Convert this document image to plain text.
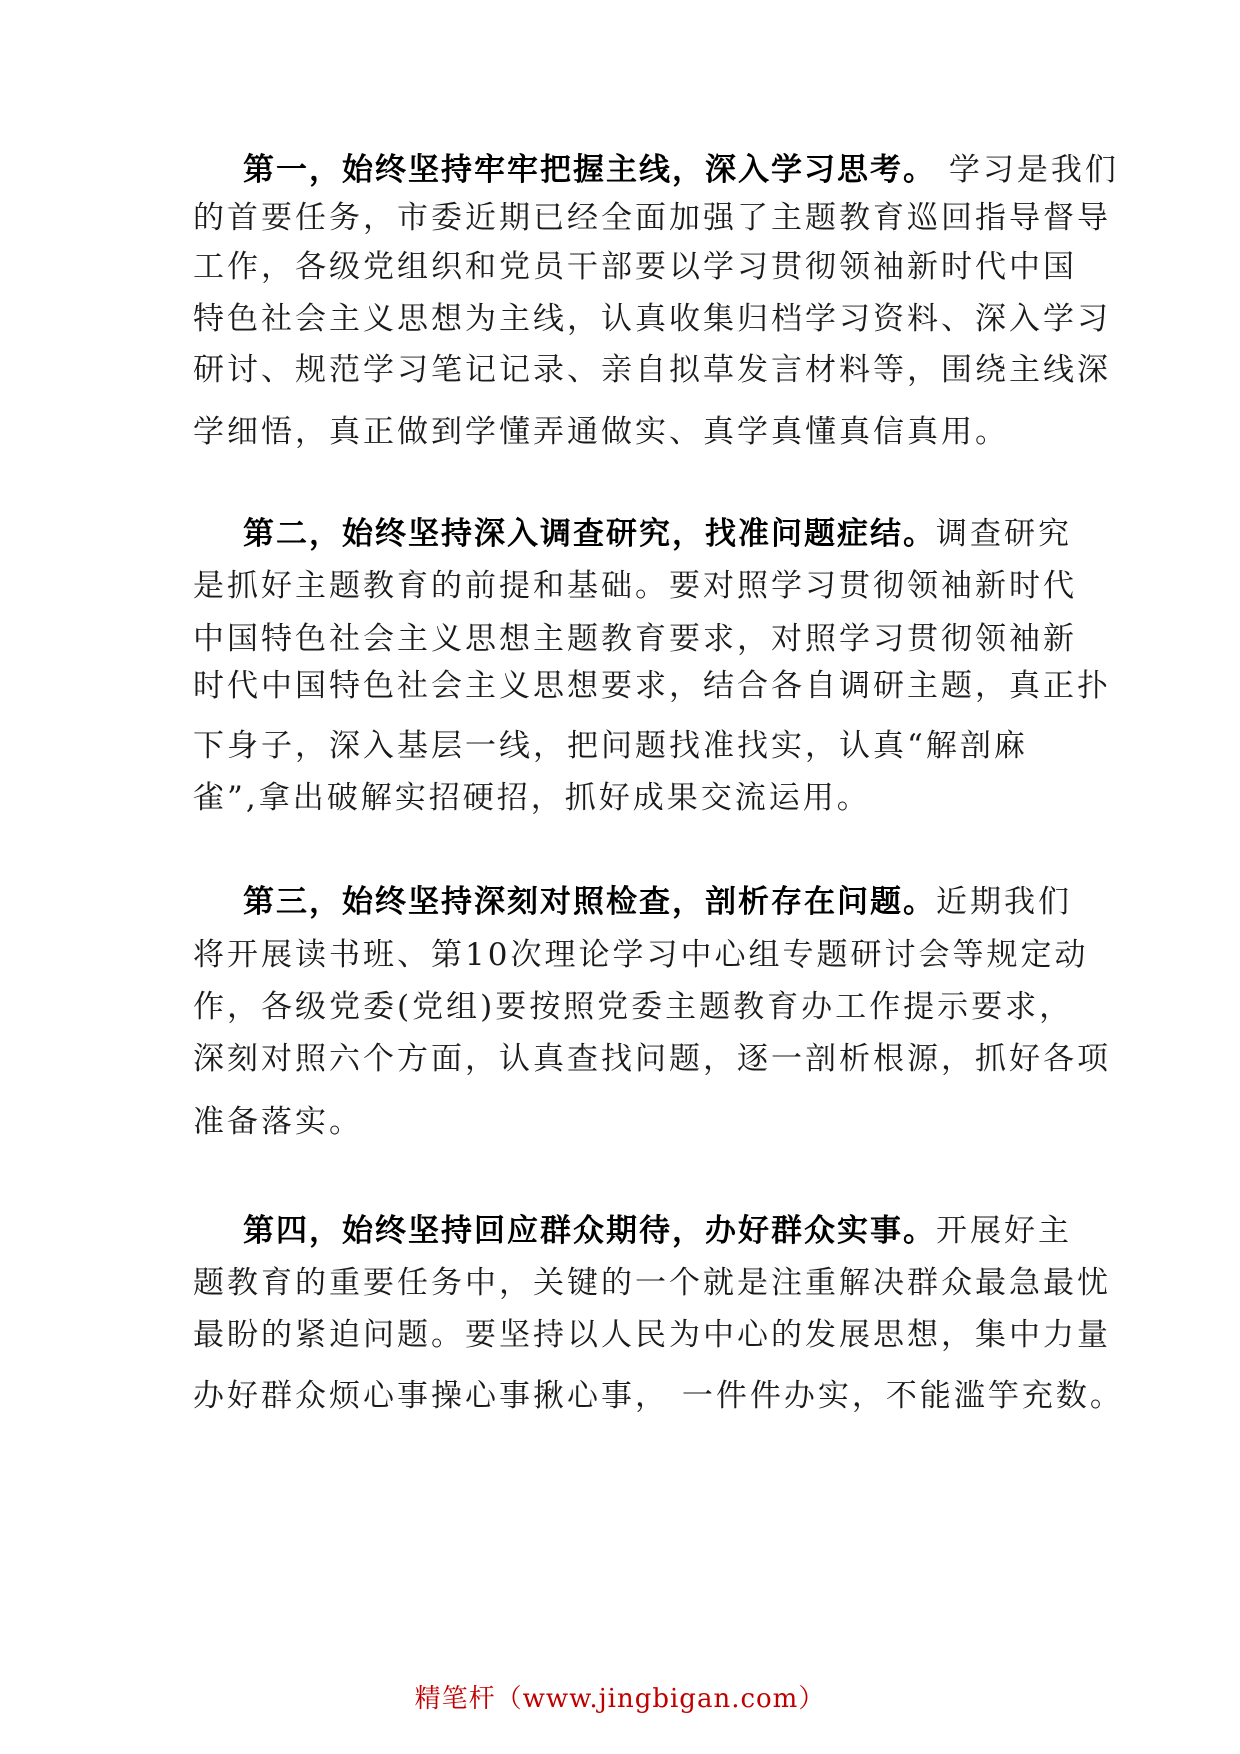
第一，始终坚持牢牢把握主线，深入学习思考。 学习是我们
的首要任务，市委近期已经全面加强了主题教育巡回指导督导
工作，各级党组织和党员干部要以学习贯彻领袖新时代中国
特色社会主义思想为主线，认真收集归档学习资料、深入学习
研讨、规范学习笔记记录、亲自拟草发言材料等，围绕主线深
学细悟，真正做到学懂弄通做实、真学真懂真信真用。
第二，始终坚持深入调查研究，找准问题症结。调查研究
是抓好主题教育的前提和基础。要对照学习贯彻领袖新时代
中国特色社会主义思想主题教育要求，对照学习贯彻领袖新
时代中国特色社会主义思想要求，结合各自调研主题，真正扑
下身子，深入基层一线，把问题找准找实，认真“解剖麻
雀”,拿出破解实招硬招，抓好成果交流运用。
第三，始终坚持深刻对照检查，剖析存在问题。近期我们
将开展读书班、第10次理论学习中心组专题研讨会等规定动
作，各级党委(党组)要按照党委主题教育办工作提示要求，
深刻对照六个方面，认真查找问题，逐一剖析根源，抓好各项
准备落实。
第四，始终坚持回应群众期待，办好群众实事。开展好主
题教育的重要任务中，关键的一个就是注重解决群众最急最忧
最盼的紧迫问题。要坚持以人民为中心的发展思想，集中力量
办好群众烦心事操心事揪心事， 一件件办实，不能滥竽充数。
精笔杆（www.jingbigan.com）
